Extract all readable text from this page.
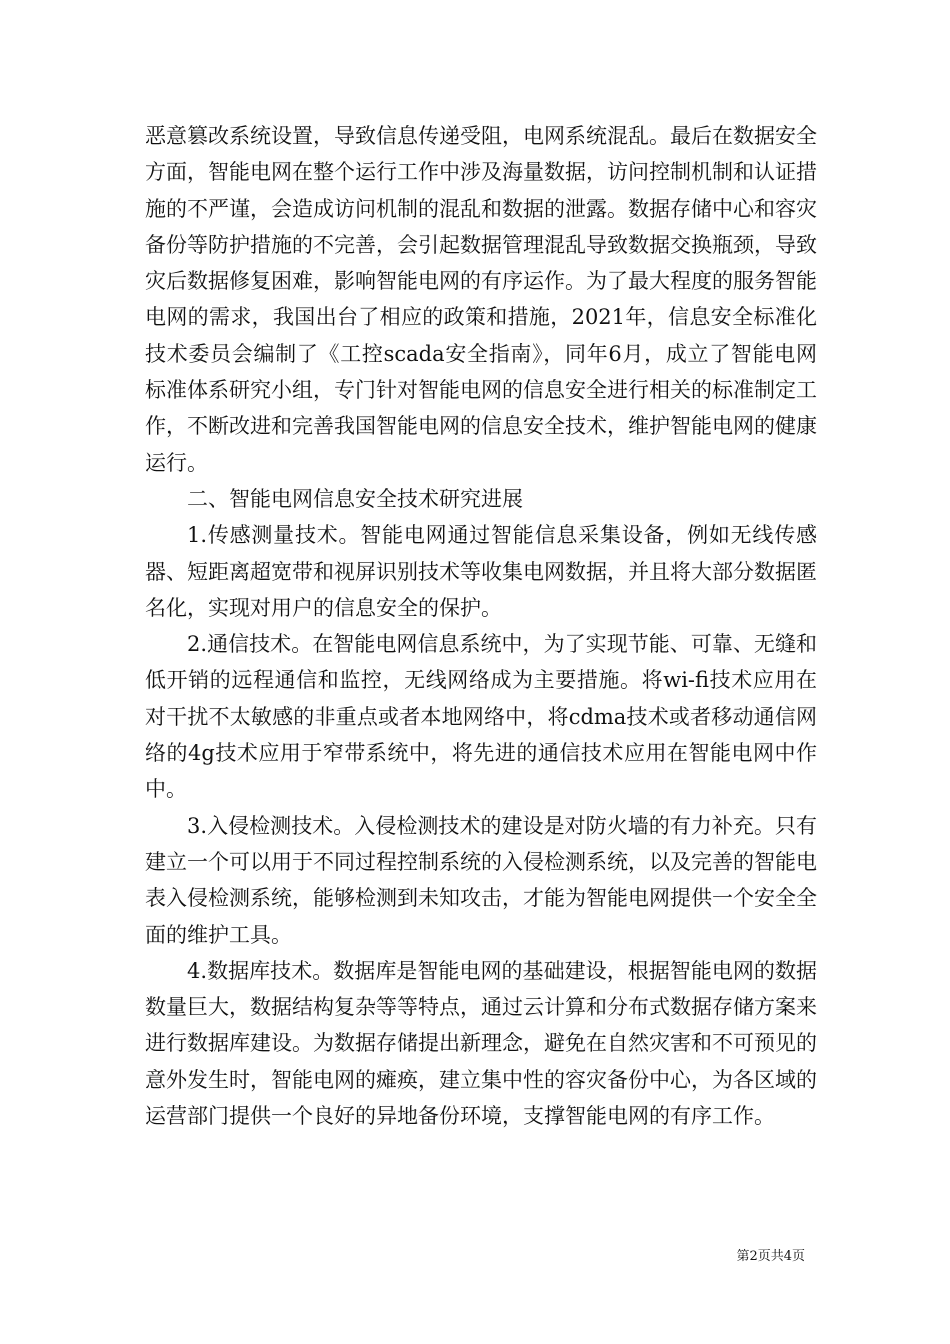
恶意篡改系统设置，导致信息传递受阻，电网系统混乱。最后在数据安全方面，智能电网在整个运行工作中涉及海量数据，访问控制机制和认证措施的不严谨，会造成访问机制的混乱和数据的泄露。数据存储中心和容灾备份等防护措施的不完善，会引起数据管理混乱导致数据交换瓶颈，导致灾后数据修复困难，影响智能电网的有序运作。为了最大程度的服务智能电网的需求，我国出台了相应的政策和措施，2021年，信息安全标准化技术委员会编制了《工控scada安全指南》，同年6月，成立了智能电网标准体系研究小组，专门针对智能电网的信息安全进行相关的标准制定工作，不断改进和完善我国智能电网的信息安全技术，维护智能电网的健康运行。

二、智能电网信息安全技术研究进展

1.传感测量技术。智能电网通过智能信息采集设备，例如无线传感器、短距离超宽带和视屏识别技术等收集电网数据，并且将大部分数据匿名化，实现对用户的信息安全的保护。

2.通信技术。在智能电网信息系统中，为了实现节能、可靠、无缝和低开销的远程通信和监控，无线网络成为主要措施。将wi-fi技术应用在对干扰不太敏感的非重点或者本地网络中，将cdma技术或者移动通信网络的4g技术应用于窄带系统中，将先进的通信技术应用在智能电网中作中。

3.入侵检测技术。入侵检测技术的建设是对防火墙的有力补充。只有建立一个可以用于不同过程控制系统的入侵检测系统，以及完善的智能电表入侵检测系统，能够检测到未知攻击，才能为智能电网提供一个安全全面的维护工具。

4.数据库技术。数据库是智能电网的基础建设，根据智能电网的数据数量巨大，数据结构复杂等等特点，通过云计算和分布式数据存储方案来进行数据库建设。为数据存储提出新理念，避免在自然灾害和不可预见的意外发生时，智能电网的瘫痪，建立集中性的容灾备份中心，为各区域的运营部门提供一个良好的异地备份环境，支撑智能电网的有序工作。

第2页共4页
